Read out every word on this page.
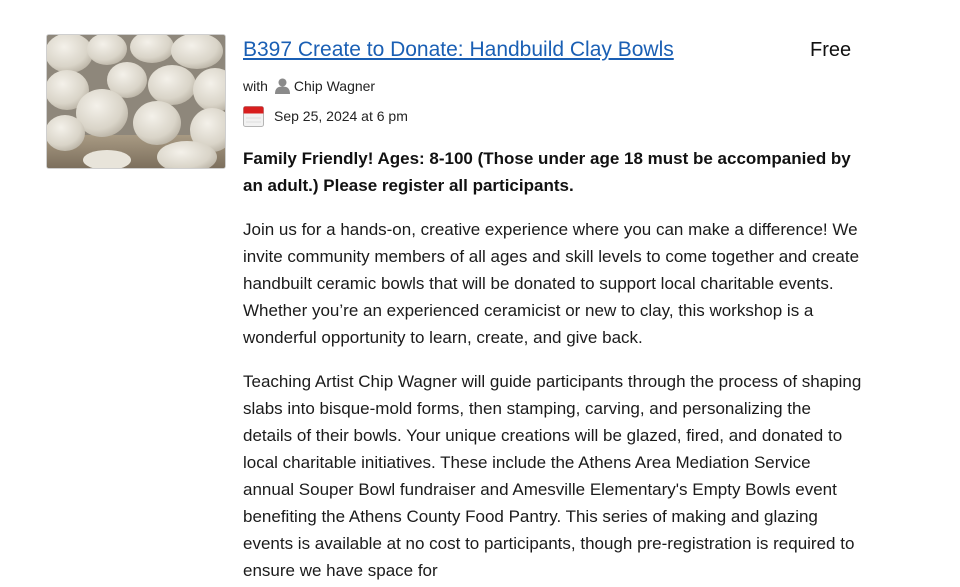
B397 Create to Donate: Handbuild Clay Bowls
with Chip Wagner
Sep 25, 2024 at 6 pm
Family Friendly! Ages: 8-100 (Those under age 18 must be accompanied by an adult.) Please register all participants.
Join us for a hands-on, creative experience where you can make a difference! We invite community members of all ages and skill levels to come together and create handbuilt ceramic bowls that will be donated to support local charitable events. Whether you’re an experienced ceramicist or new to clay, this workshop is a wonderful opportunity to learn, create, and give back.
Teaching Artist Chip Wagner will guide participants through the process of shaping slabs into bisque-mold forms, then stamping, carving, and personalizing the details of their bowls. Your unique creations will be glazed, fired, and donated to local charitable initiatives. These include the Athens Area Mediation Service annual Souper Bowl fundraiser and Amesville Elementary's Empty Bowls event benefiting the Athens County Food Pantry. This series of making and glazing events is available at no cost to participants, though pre-registration is required to ensure we have space for
Free
